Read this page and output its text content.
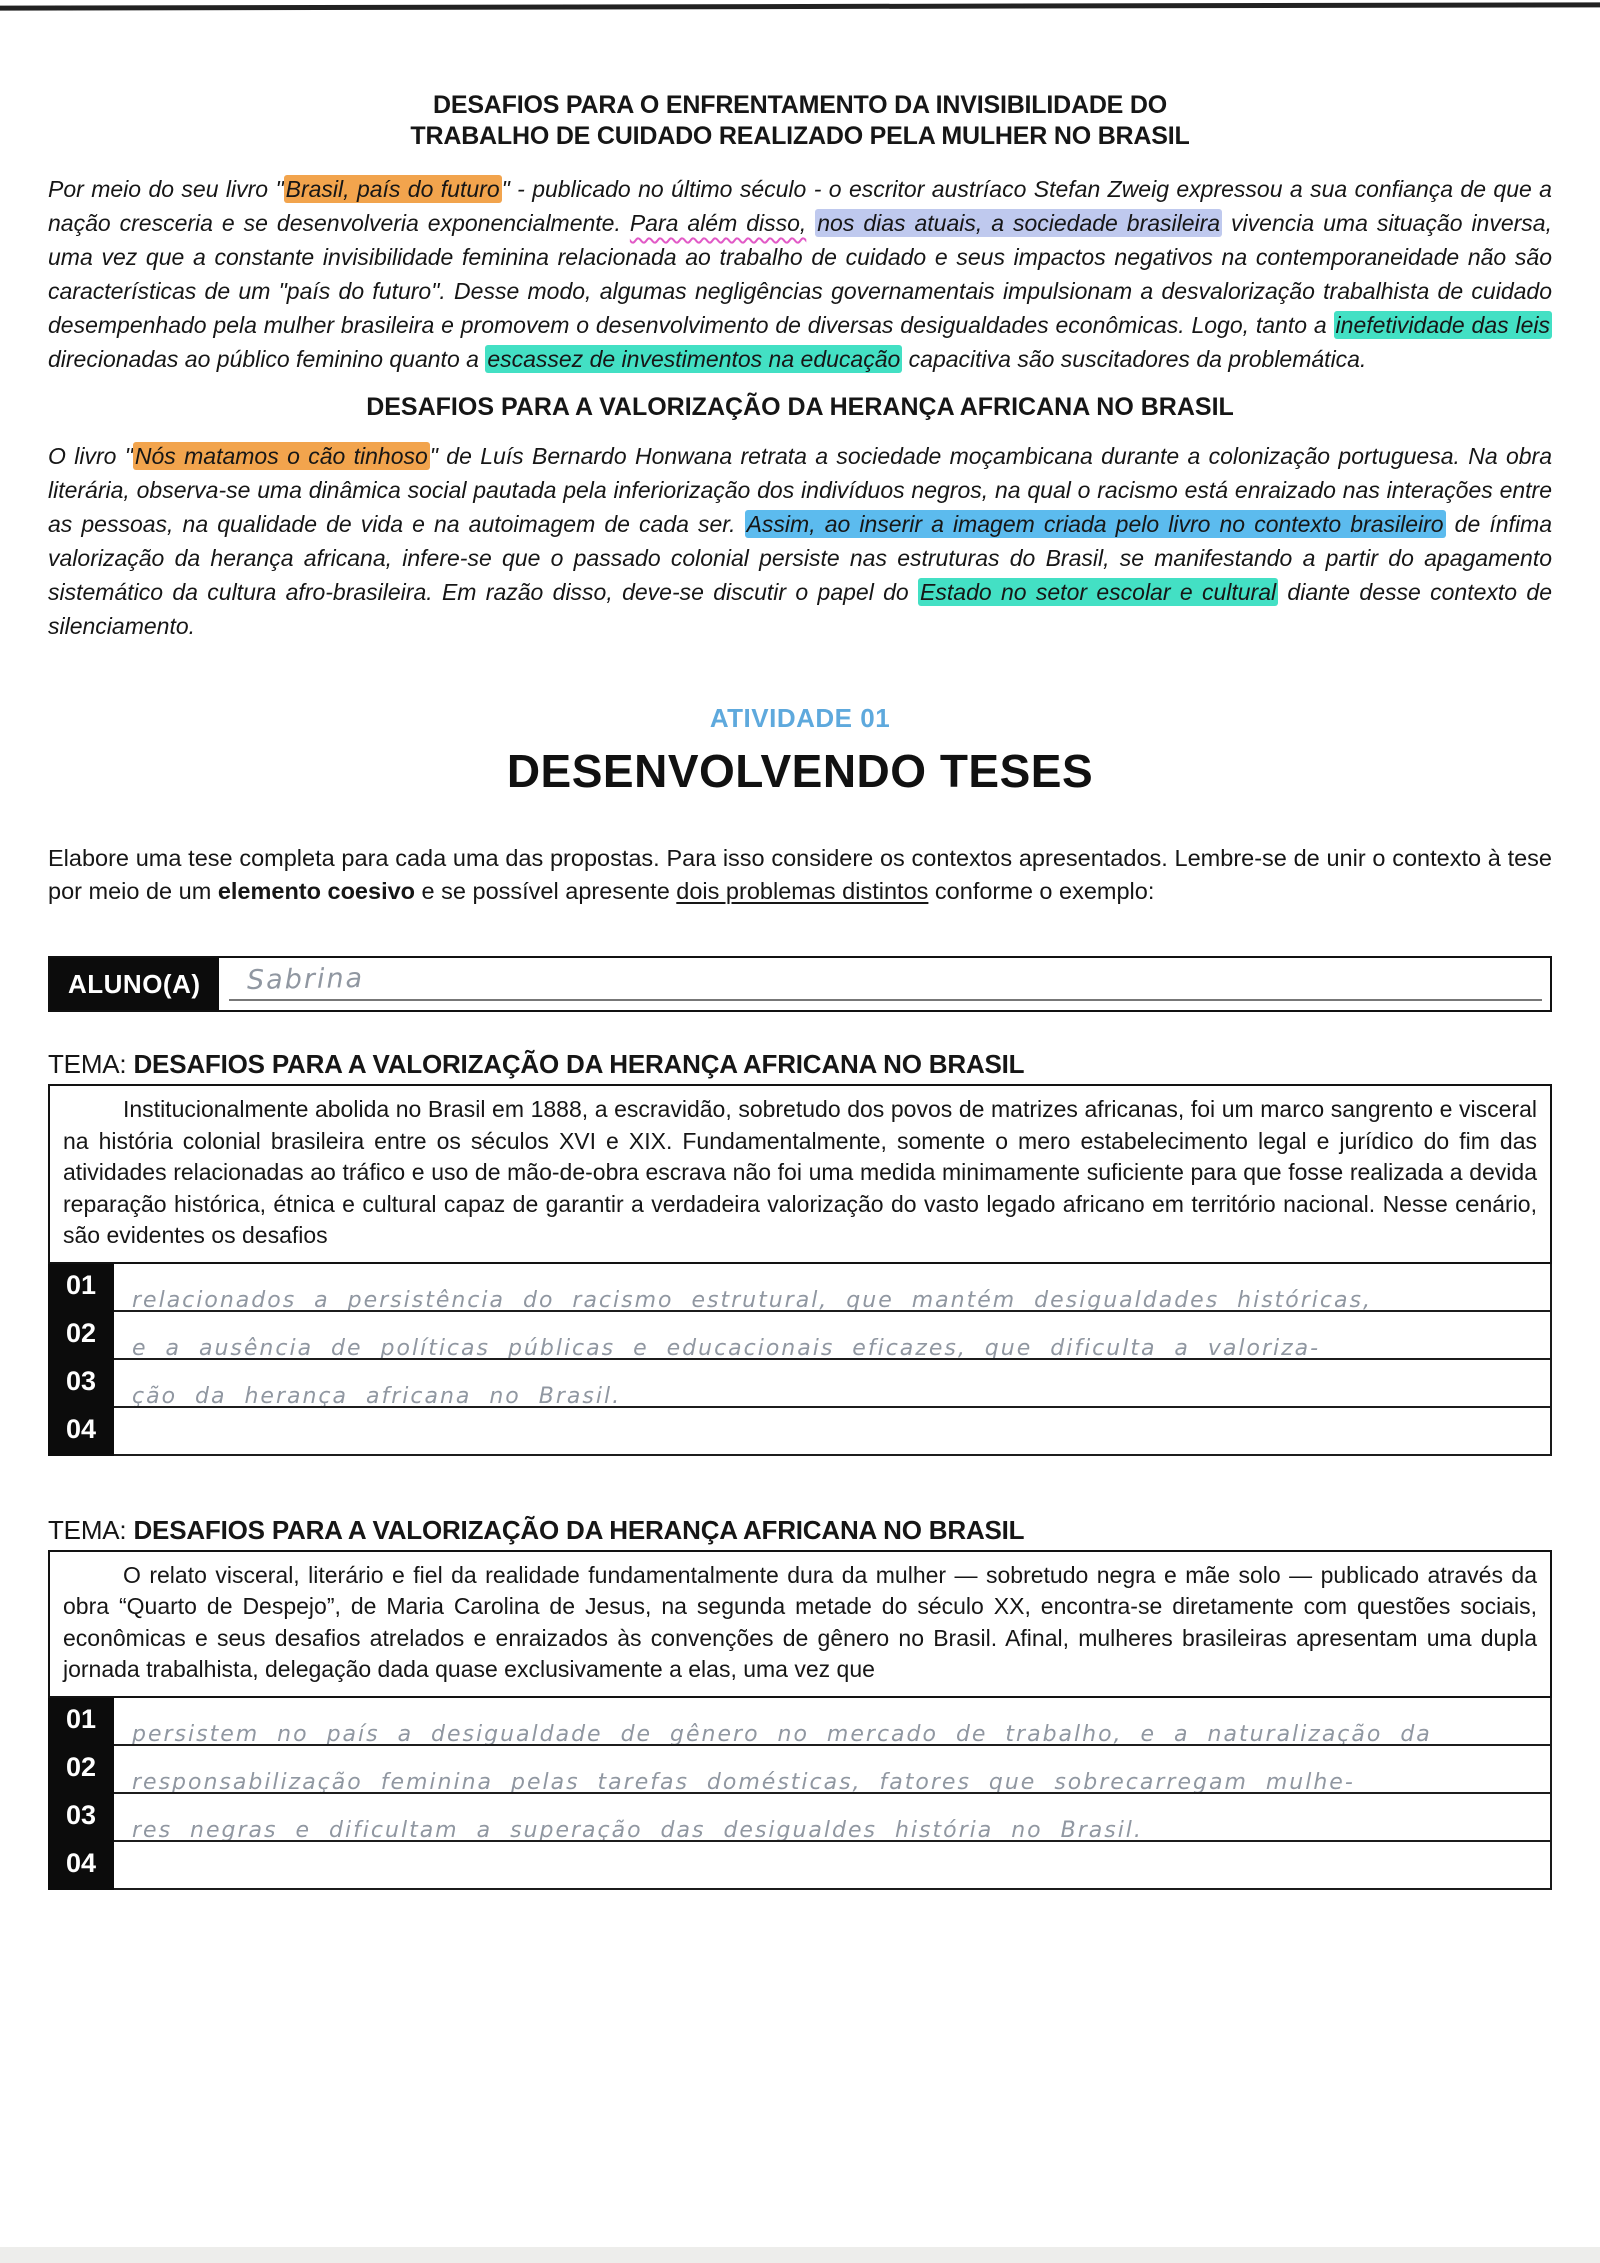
DESAFIOS PARA O ENFRENTAMENTO DA INVISIBILIDADE DO
TRABALHO DE CUIDADO REALIZADO PELA MULHER NO BRASIL
Por meio do seu livro "Brasil, país do futuro" - publicado no último século - o escritor austríaco Stefan Zweig expressou a sua confiança de que a nação cresceria e se desenvolveria exponencialmente. Para além disso, nos dias atuais, a sociedade brasileira vivencia uma situação inversa, uma vez que a constante invisibilidade feminina relacionada ao trabalho de cuidado e seus impactos negativos na contemporaneidade não são características de um "país do futuro". Desse modo, algumas negligências governamentais impulsionam a desvalorização trabalhista de cuidado desempenhado pela mulher brasileira e promovem o desenvolvimento de diversas desigualdades econômicas. Logo, tanto a inefetividade das leis direcionadas ao público feminino quanto a escassez de investimentos na educação capacitiva são suscitadores da problemática.
DESAFIOS PARA A VALORIZAÇÃO DA HERANÇA AFRICANA NO BRASIL
O livro "Nós matamos o cão tinhoso" de Luís Bernardo Honwana retrata a sociedade moçambicana durante a colonização portuguesa. Na obra literária, observa-se uma dinâmica social pautada pela inferiorização dos indivíduos negros, na qual o racismo está enraizado nas interações entre as pessoas, na qualidade de vida e na autoimagem de cada ser. Assim, ao inserir a imagem criada pelo livro no contexto brasileiro de ínfima valorização da herança africana, infere-se que o passado colonial persiste nas estruturas do Brasil, se manifestando a partir do apagamento sistemático da cultura afro-brasileira. Em razão disso, deve-se discutir o papel do Estado no setor escolar e cultural diante desse contexto de silenciamento.
ATIVIDADE 01
DESENVOLVENDO TESES
Elabore uma tese completa para cada uma das propostas. Para isso considere os contextos apresentados. Lembre-se de unir o contexto à tese por meio de um elemento coesivo e se possível apresente dois problemas distintos conforme o exemplo:
ALUNO(A)	Sabrina
TEMA: DESAFIOS PARA A VALORIZAÇÃO DA HERANÇA AFRICANA NO BRASIL
Institucionalmente abolida no Brasil em 1888, a escravidão, sobretudo dos povos de matrizes africanas, foi um marco sangrento e visceral na história colonial brasileira entre os séculos XVI e XIX. Fundamentalmente, somente o mero estabelecimento legal e jurídico do fim das atividades relacionadas ao tráfico e uso de mão-de-obra escrava não foi uma medida minimamente suficiente para que fosse realizada a devida reparação histórica, étnica e cultural capaz de garantir a verdadeira valorização do vasto legado africano em território nacional. Nesse cenário, são evidentes os desafios
01
relacionados a persistência do racismo estrutural, que mantém desigualdades históricas,
02
e a ausência de políticas públicas e educacionais eficazes, que dificulta a valoriza-
03
ção da herança africana no Brasil.
04
TEMA: DESAFIOS PARA A VALORIZAÇÃO DA HERANÇA AFRICANA NO BRASIL
O relato visceral, literário e fiel da realidade fundamentalmente dura da mulher — sobretudo negra e mãe solo — publicado através da obra “Quarto de Despejo”, de Maria Carolina de Jesus, na segunda metade do século XX, encontra-se diretamente com questões sociais, econômicas e seus desafios atrelados e enraizados às convenções de gênero no Brasil. Afinal, mulheres brasileiras apresentam uma dupla jornada trabalhista, delegação dada quase exclusivamente a elas, uma vez que
01
persistem no país a desigualdade de gênero no mercado de trabalho, e a naturalização da
02
responsabilização feminina pelas tarefas domésticas, fatores que sobrecarregam mulhe-
03
res negras e dificultam a superação das desigualdes história no Brasil.
04
